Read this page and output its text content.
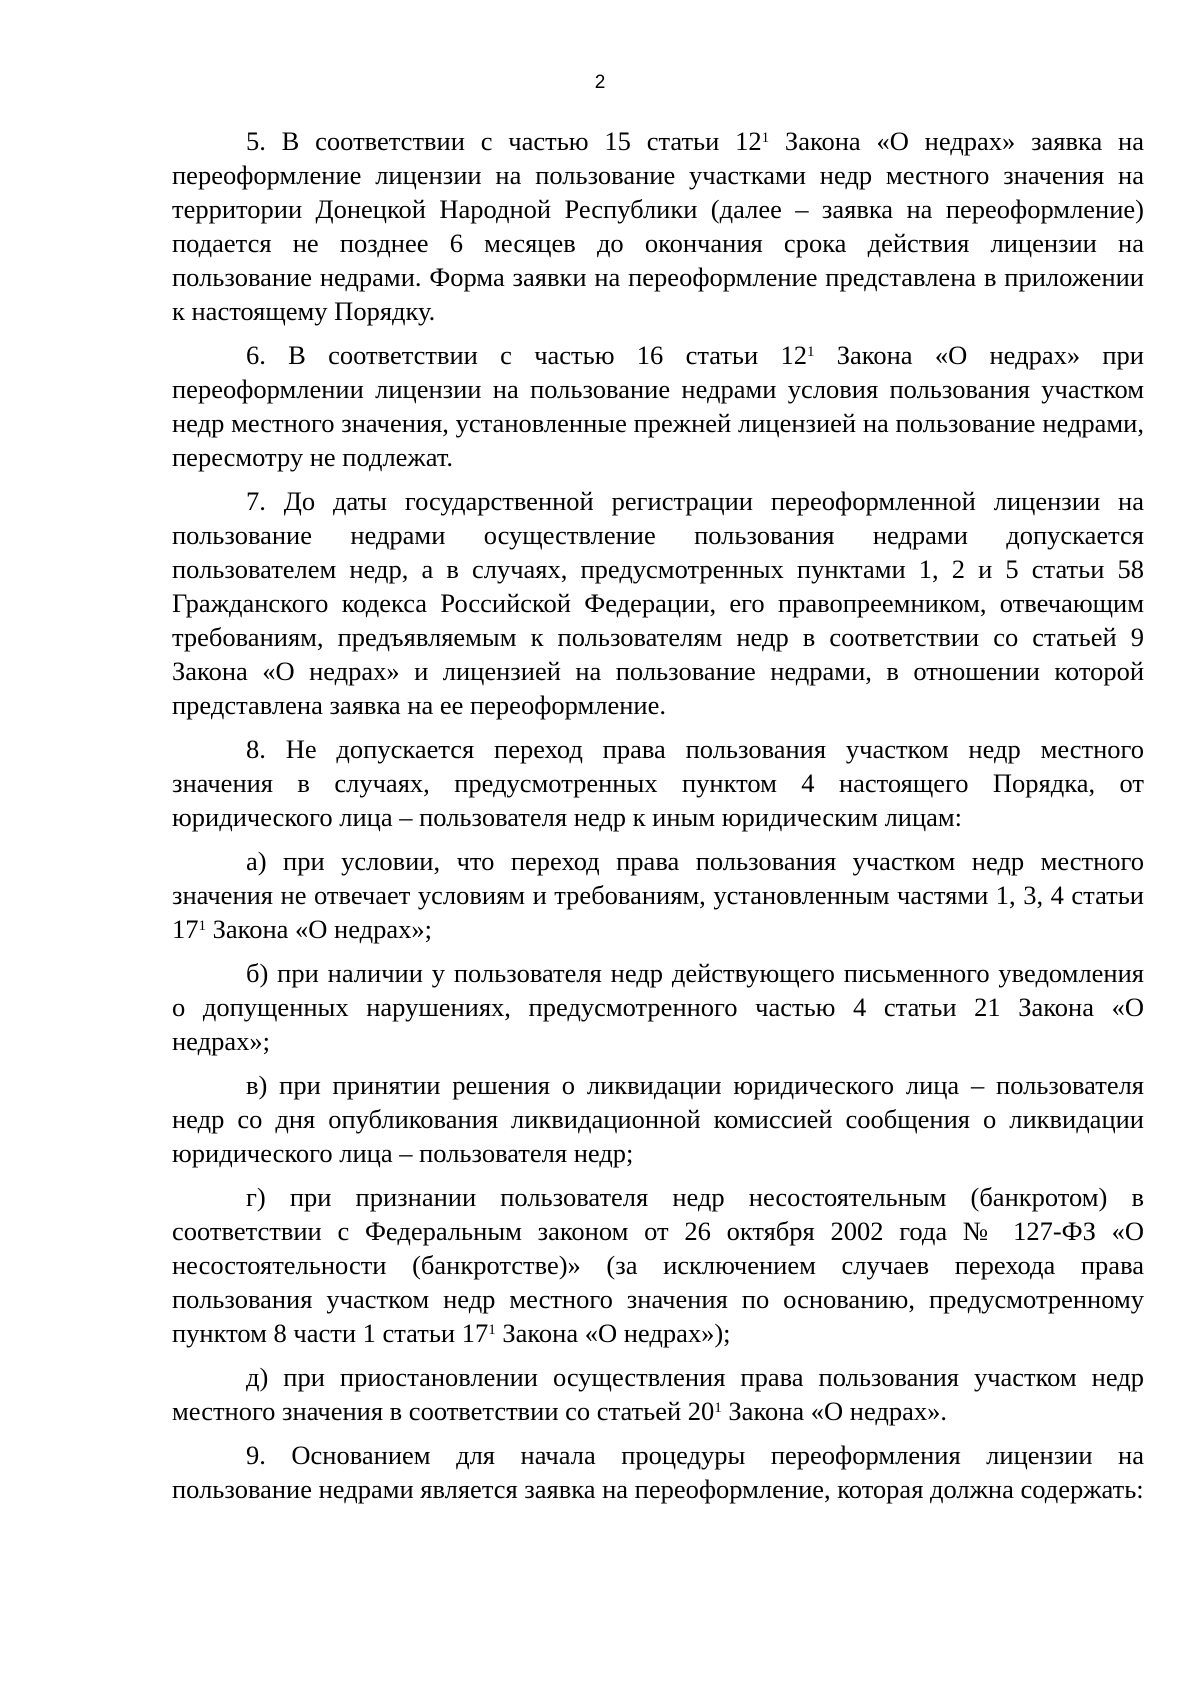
2

5. В соответствии с частью 15 статьи $12^1$ Закона «О недрах» заявка на переоформление лицензии на пользование участками недр местного значения на территории Донецкой Народной Республики (далее – заявка на переоформление) подается не позднее 6 месяцев до окончания срока действия лицензии на пользование недрами. Форма заявки на переоформление представлена в приложении к настоящему Порядку.

6. В соответствии с частью 16 статьи $12^1$ Закона «О недрах» при переоформлении лицензии на пользование недрами условия пользования участком недр местного значения, установленные прежней лицензией на пользование недрами, пересмотру не подлежат.

7. До даты государственной регистрации переоформленной лицензии на пользование недрами осуществление пользования недрами допускается пользователем недр, а в случаях, предусмотренных пунктами 1, 2 и 5 статьи 58 Гражданского кодекса Российской Федерации, его правопреемником, отвечающим требованиям, предъявляемым к пользователям недр в соответствии со статьей 9 Закона «О недрах» и лицензией на пользование недрами, в отношении которой представлена заявка на ее переоформление.

8. Не допускается переход права пользования участком недр местного значения в случаях, предусмотренных пунктом 4 настоящего Порядка, от юридического лица – пользователя недр к иным юридическим лицам:

а) при условии, что переход права пользования участком недр местного значения не отвечает условиям и требованиям, установленным частями 1, 3, 4 статьи $17^1$ Закона «О недрах»;

б) при наличии у пользователя недр действующего письменного уведомления о допущенных нарушениях, предусмотренного частью 4 статьи 21 Закона «О недрах»;

в) при принятии решения о ликвидации юридического лица – пользователя недр со дня опубликования ликвидационной комиссией сообщения о ликвидации юридического лица – пользователя недр;

г) при признании пользователя недр несостоятельным (банкротом) в соответствии с Федеральным законом от 26 октября 2002 года № 127-ФЗ «О несостоятельности (банкротстве)» (за исключением случаев перехода права пользования участком недр местного значения по основанию, предусмотренному пунктом 8 части 1 статьи $17^1$ Закона «О недрах»);

д) при приостановлении осуществления права пользования участком недр местного значения в соответствии со статьей $20^1$ Закона «О недрах».

9. Основанием для начала процедуры переоформления лицензии на пользование недрами является заявка на переоформление, которая должна содержать:
